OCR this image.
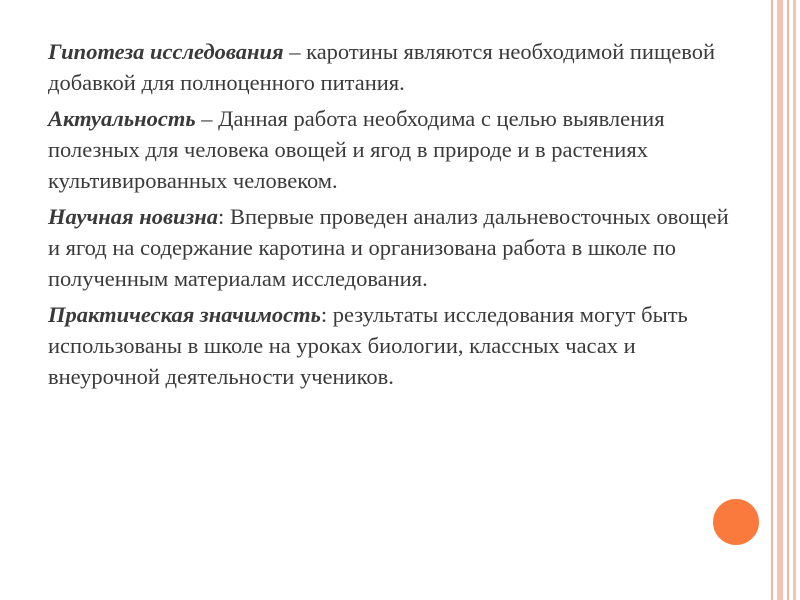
Гипотеза исследования – каротины являются необходимой пищевой добавкой для полноценного питания.

Актуальность – Данная работа необходима с целью выявления полезных для человека овощей и ягод в природе и в растениях культивированных человеком.

Научная новизна: Впервые проведен анализ дальневосточных овощей и ягод на содержание каротина и организована работа в школе по полученным материалам исследования.

Практическая значимость: результаты исследования могут быть использованы в школе на уроках биологии, классных часах и внеурочной деятельности учеников.
